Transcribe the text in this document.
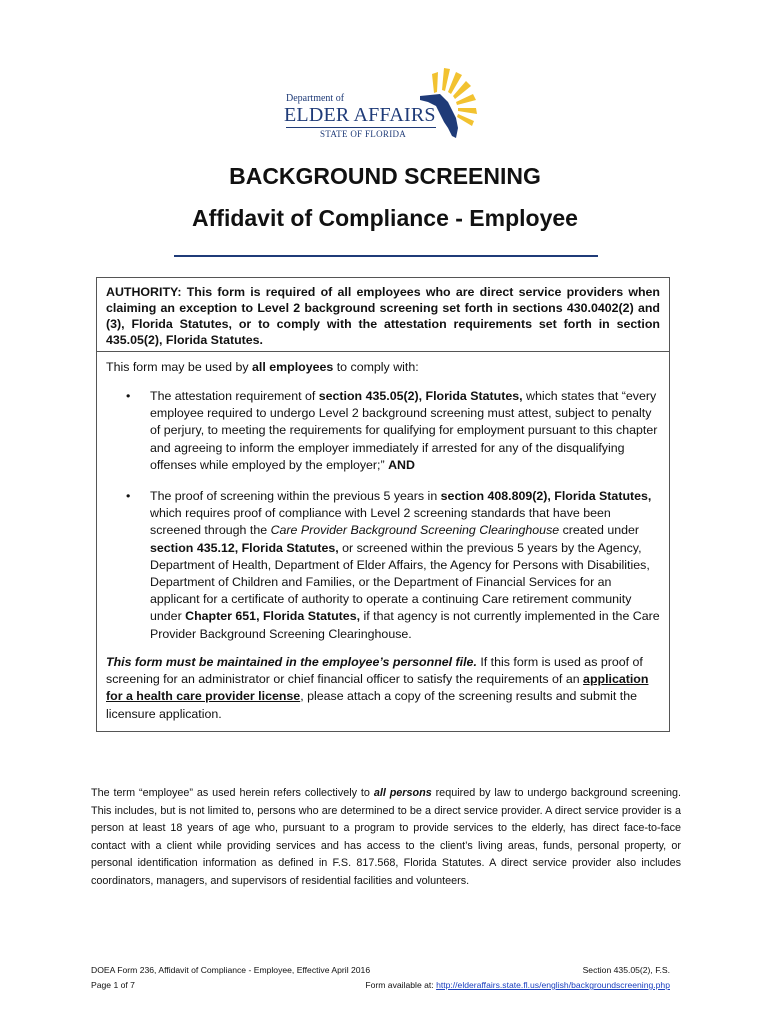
Department of
ELDER AFFAIRS
STATE OF FLORIDA
BACKGROUND SCREENING
Affidavit of Compliance - Employee
AUTHORITY: This form is required of all employees who are direct service providers when claiming an exception to Level 2 background screening set forth in sections 430.0402(2) and (3), Florida Statutes, or to comply with the attestation requirements set forth in section 435.05(2), Florida Statutes.
This form may be used by all employees to comply with:
• The attestation requirement of section 435.05(2), Florida Statutes, which states that “every employee required to undergo Level 2 background screening must attest, subject to penalty of perjury, to meeting the requirements for qualifying for employment pursuant to this chapter and agreeing to inform the employer immediately if arrested for any of the disqualifying offenses while employed by the employer;” AND
• The proof of screening within the previous 5 years in section 408.809(2), Florida Statutes, which requires proof of compliance with Level 2 screening standards that have been screened through the Care Provider Background Screening Clearinghouse created under section 435.12, Florida Statutes, or screened within the previous 5 years by the Agency, Department of Health, Department of Elder Affairs, the Agency for Persons with Disabilities, Department of Children and Families, or the Department of Financial Services for an applicant for a certificate of authority to operate a continuing Care retirement community under Chapter 651, Florida Statutes, if that agency is not currently implemented in the Care Provider Background Screening Clearinghouse.
This form must be maintained in the employee’s personnel file. If this form is used as proof of screening for an administrator or chief financial officer to satisfy the requirements of an application for a health care provider license, please attach a copy of the screening results and submit the licensure application.
The term “employee” as used herein refers collectively to all persons required by law to undergo background screening. This includes, but is not limited to, persons who are determined to be a direct service provider. A direct service provider is a person at least 18 years of age who, pursuant to a program to provide services to the elderly, has direct face-to-face contact with a client while providing services and has access to the client’s living areas, funds, personal property, or personal identification information as defined in F.S. 817.568, Florida Statutes. A direct service provider also includes coordinators, managers, and supervisors of residential facilities and volunteers.
DOEA Form 236, Affidavit of Compliance - Employee, Effective April 2016
Page 1 of 7
Section 435.05(2), F.S.
Form available at: http://elderaffairs.state.fl.us/english/backgroundscreening.php
